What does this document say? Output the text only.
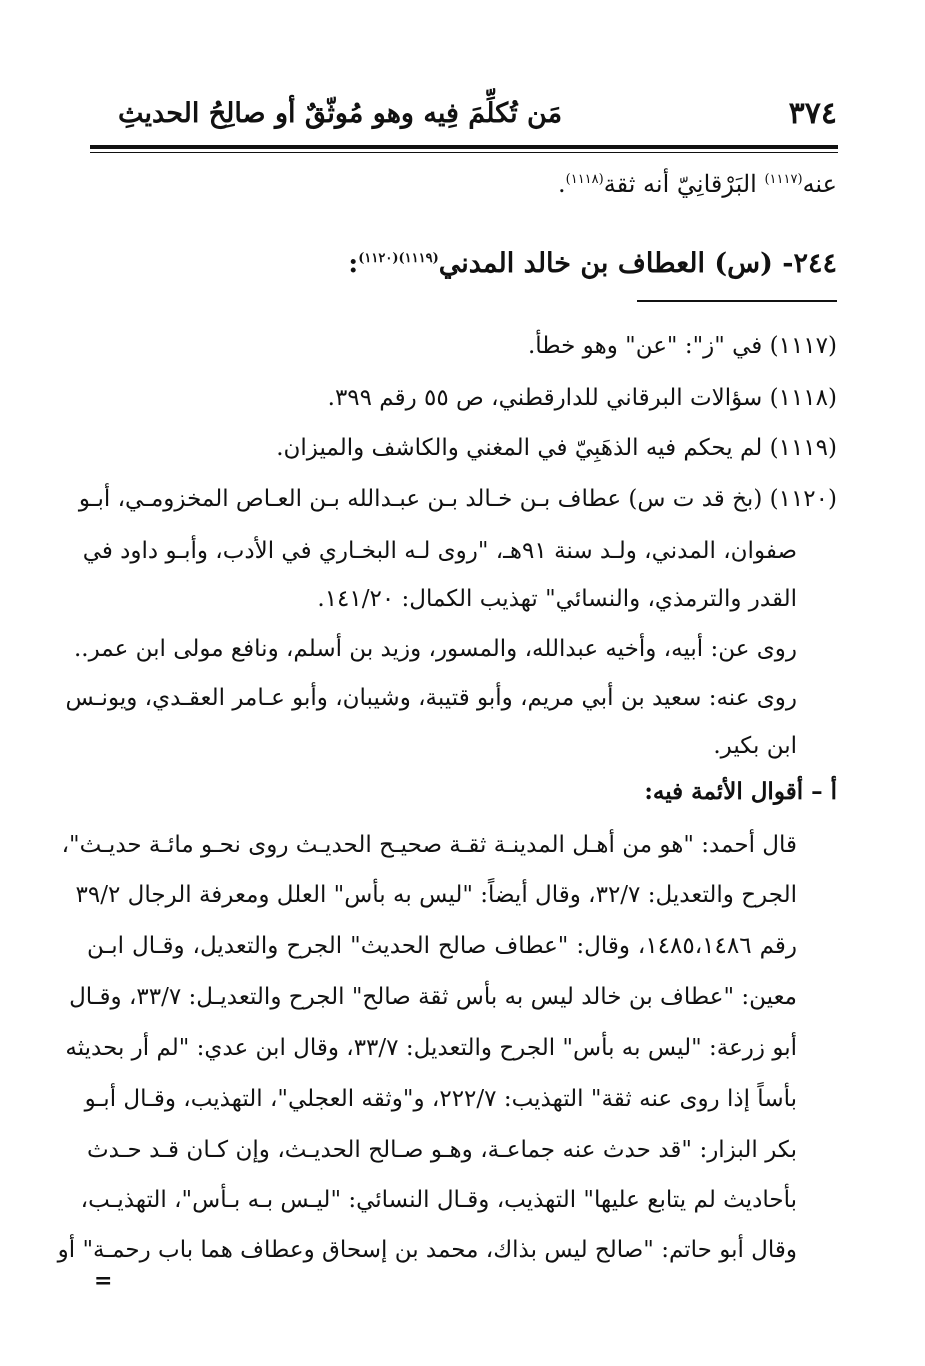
٣٧٤
مَن تُكلِّمَ فِيه وهو مُوثّقٌ أو صالِحُ الحديثِ
عنه$^{(١١١٧)}$ البَرْقانِيّ أنه ثقة$^{(١١١٨)}$.
٢٤٤- (س) العطاف بن خالد المدني$^{(١١١٩)(١١٢٠)}$:
(١١١٧) في "ز": "عن" وهو خطأ.
(١١١٨) سؤالات البرقاني للدارقطني، ص ٥٥ رقم ٣٩٩.
(١١١٩) لم يحكم فيه الذهَبِيّ في المغني والكاشف والميزان.
(١١٢٠) (بخ قد ت س) عطاف بـن خـالد بـن عبـدالله بـن العـاص المخزومـي، أبـو
صفوان، المدني، ولـد سنة ٩١هـ، "روى لـه البخـاري في الأدب، وأبـو داود في
القدر والترمذي، والنسائي" تهذيب الكمال: ١٤١/٢٠.
روى عن: أبيه، وأخيه عبدالله، والمسور، وزيد بن أسلم، ونافع مولى ابن عمر..
روى عنه: سعيد بن أبي مريم، وأبو قتيبة، وشيبان، وأبو عـامر العقـدي، ويونـس
ابن بكير.
أ – أقوال الأئمة فيه:
قال أحمد: "هو من أهـل المدينـة ثقـة صحيـح الحديـث روى نحـو مائـة حديـث"،
الجرح والتعديل: ٣٢/٧، وقال أيضاً: "ليس به بأس" العلل ومعرفة الرجال ٣٩/٢
رقم ١٤٨٥،١٤٨٦، وقال: "عطاف صالح الحديث" الجرح والتعديل، وقـال ابـن
معين: "عطاف بن خالد ليس به بأس ثقة صالح" الجرح والتعديـل: ٣٣/٧، وقـال
أبو زرعة: "ليس به بأس" الجرح والتعديل: ٣٣/٧، وقال ابن عدي: "لم أر بحديثه
بأساً إذا روى عنه ثقة" التهذيب: ٢٢٢/٧، و"وثقه العجلي"، التهذيب، وقـال أبـو
بكر البزار: "قد حدث عنه جماعـة، وهـو صـالح الحديـث، وإن كـان قـد حـدث
بأحاديث لم يتابع عليها" التهذيب، وقـال النسائي: "ليـس بـه بـأس"، التهذيـب،
وقال أبو حاتم: "صالح ليس بذاك، محمد بن إسحاق وعطاف هما باب رحمـة" أو
=
